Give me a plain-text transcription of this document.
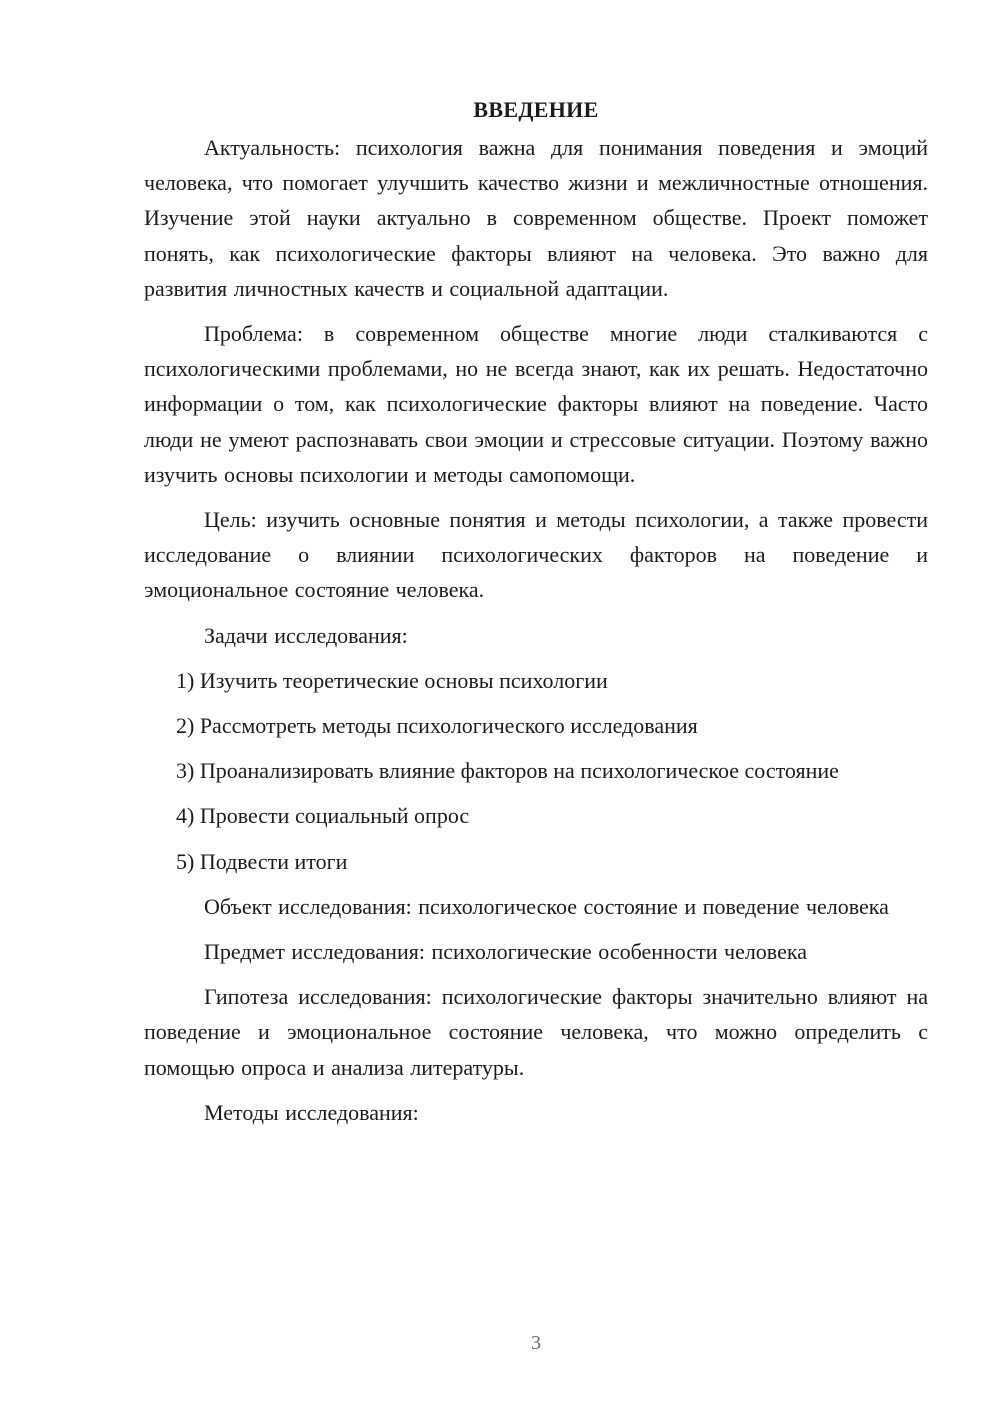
ВВЕДЕНИЕ

Актуальность: психология важна для понимания поведения и эмоций человека, что помогает улучшить качество жизни и межличностные отношения. Изучение этой науки актуально в современном обществе. Проект поможет понять, как психологические факторы влияют на человека. Это важно для развития личностных качеств и социальной адаптации.

Проблема: в современном обществе многие люди сталкиваются с психологическими проблемами, но не всегда знают, как их решать. Недостаточно информации о том, как психологические факторы влияют на поведение. Часто люди не умеют распознавать свои эмоции и стрессовые ситуации. Поэтому важно изучить основы психологии и методы самопомощи.

Цель: изучить основные понятия и методы психологии, а также провести исследование о влиянии психологических факторов на поведение и эмоциональное состояние человека.

Задачи исследования:

1) Изучить теоретические основы психологии

2) Рассмотреть методы психологического исследования

3) Проанализировать влияние факторов на психологическое состояние

4) Провести социальный опрос

5) Подвести итоги

Объект исследования: психологическое состояние и поведение человека

Предмет исследования: психологические особенности человека

Гипотеза исследования: психологические факторы значительно влияют на поведение и эмоциональное состояние человека, что можно определить с помощью опроса и анализа литературы.

Методы исследования:

3
